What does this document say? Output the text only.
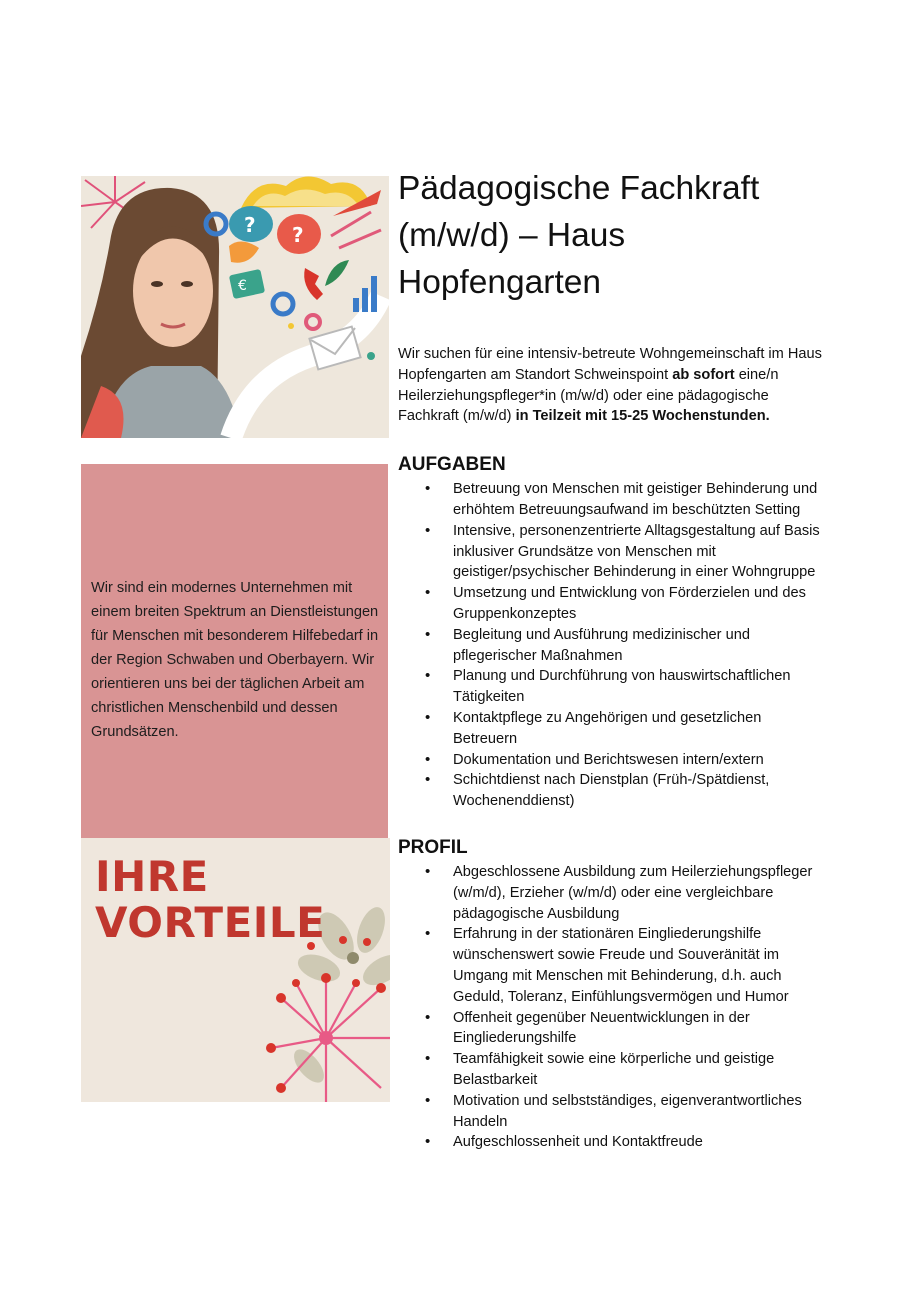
? ?
€
Wir sind ein modernes Unternehmen mit einem breiten Spektrum an Dienstleistungen für Menschen mit besonderem Hilfebedarf in der Region Schwaben und Oberbayern. Wir orientieren uns bei der täglichen Arbeit am christlichen Menschenbild und dessen Grundsätzen.
IHRE
VORTEILE
Pädagogische Fachkraft
(m/w/d) – Haus
Hopfengarten

Wir suchen für eine intensiv-betreute Wohngemeinschaft im Haus Hopfengarten am Standort Schweinspoint ab sofort eine/n Heilerziehungspfleger*in (m/w/d) oder eine pädagogische Fachkraft (m/w/d) in Teilzeit mit 15-25 Wochenstunden.

AUFGABEN
• Betreuung von Menschen mit geistiger Behinderung und erhöhtem Betreuungsaufwand im beschützten Setting
• Intensive, personenzentrierte Alltagsgestaltung auf Basis inklusiver Grundsätze von Menschen mit geistiger/psychischer Behinderung in einer Wohngruppe
• Umsetzung und Entwicklung von Förderzielen und des Gruppenkonzeptes
• Begleitung und Ausführung medizinischer und pflegerischer Maßnahmen
• Planung und Durchführung von hauswirtschaftlichen Tätigkeiten
• Kontaktpflege zu Angehörigen und gesetzlichen Betreuern
• Dokumentation und Berichtswesen intern/extern
• Schichtdienst nach Dienstplan (Früh-/Spätdienst, Wochenenddienst)
PROFIL
• Abgeschlossene Ausbildung zum Heilerziehungspfleger (w/m/d), Erzieher (w/m/d) oder eine vergleichbare pädagogische Ausbildung
• Erfahrung in der stationären Eingliederungshilfe wünschenswert sowie Freude und Souveränität im Umgang mit Menschen mit Behinderung, d.h. auch Geduld, Toleranz, Einfühlungsvermögen und Humor
• Offenheit gegenüber Neuentwicklungen in der Eingliederungshilfe
• Teamfähigkeit sowie eine körperliche und geistige Belastbarkeit
• Motivation und selbstständiges, eigenverantwortliches Handeln
• Aufgeschlossenheit und Kontaktfreude
